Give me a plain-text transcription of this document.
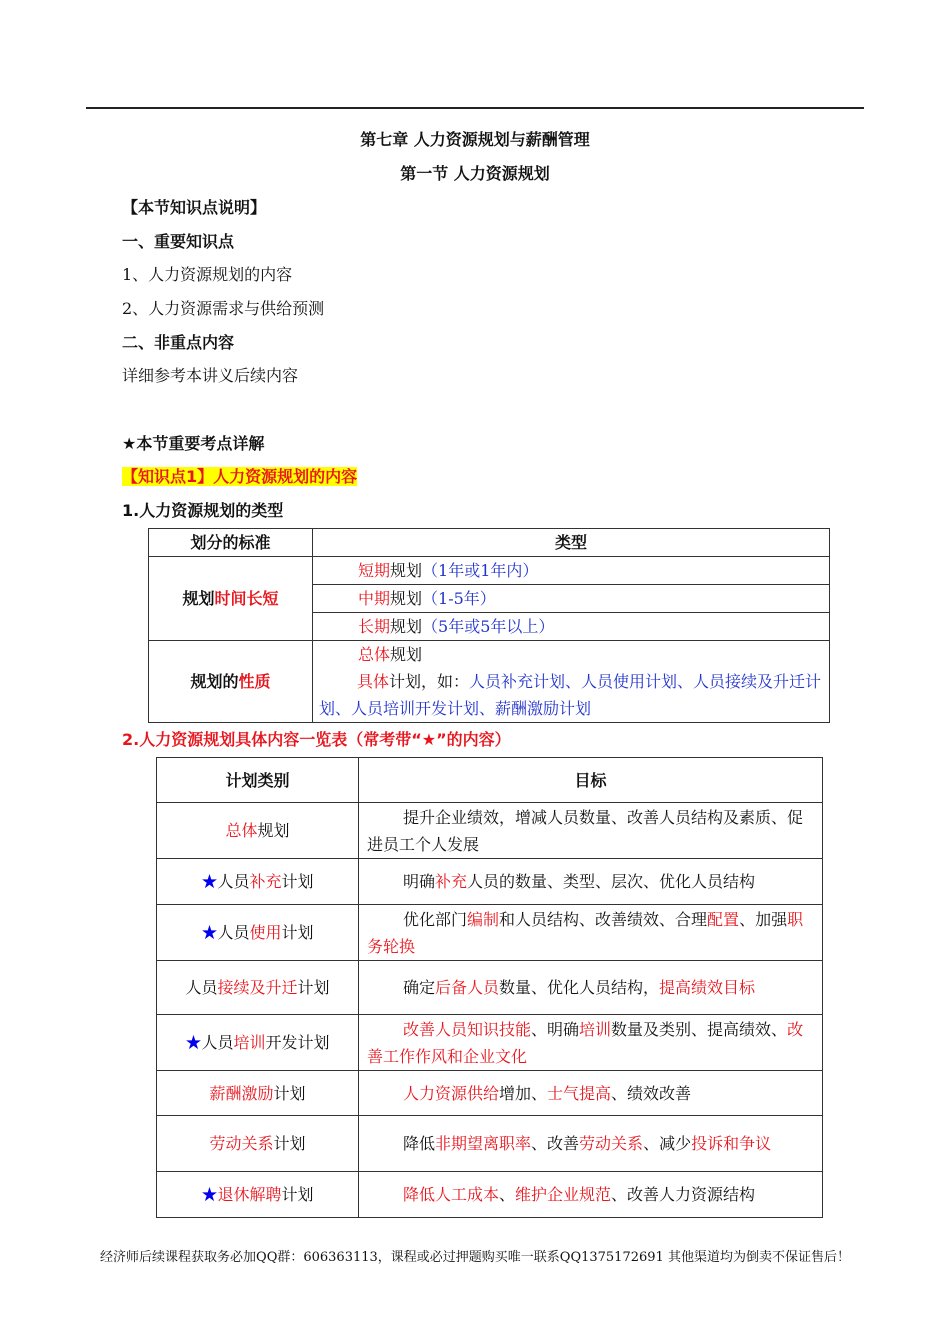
第七章 人力资源规划与薪酬管理
第一节 人力资源规划
【本节知识点说明】
一、重要知识点
1、人力资源规划的内容
2、人力资源需求与供给预测
二、非重点内容
详细参考本讲义后续内容
★本节重要考点详解
【知识点1】人力资源规划的内容
1.人力资源规划的类型
划分的标准	类型
规划时间长短	短期规划（1年或1年内）
	中期规划（1-5年）
	长期规划（5年或5年以上）
规划的性质	总体规划
	具体计划，如：人员补充计划、人员使用计划、人员接续及升迁计划、人员培训开发计划、薪酬激励计划
2.人力资源规划具体内容一览表（常考带“★”的内容）
计划类别	目标
总体规划	提升企业绩效，增减人员数量、改善人员结构及素质、促进员工个人发展
★人员补充计划	明确补充人员的数量、类型、层次、优化人员结构
★人员使用计划	优化部门编制和人员结构、改善绩效、合理配置、加强职务轮换
人员接续及升迁计划	确定后备人员数量、优化人员结构，提高绩效目标
★人员培训开发计划	改善人员知识技能、明确培训数量及类别、提高绩效、改善工作作风和企业文化
薪酬激励计划	人力资源供给增加、士气提高、绩效改善
劳动关系计划	降低非期望离职率、改善劳动关系、减少投诉和争议
★退休解聘计划	降低人工成本、维护企业规范、改善人力资源结构
经济师后续课程获取务必加QQ群：606363113，课程或必过押题购买唯一联系QQ1375172691 其他渠道均为倒卖不保证售后！
